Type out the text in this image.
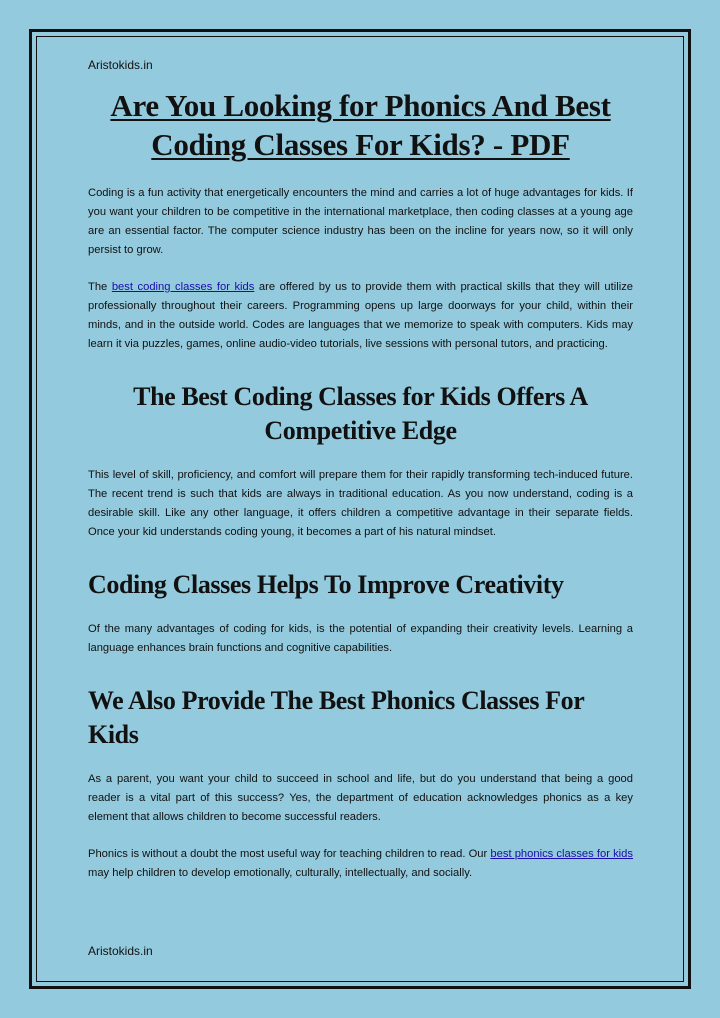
Aristokids.in
Are You Looking for Phonics And Best Coding Classes For Kids? - PDF

Coding is a fun activity that energetically encounters the mind and carries a lot of huge advantages for kids. If you want your children to be competitive in the international marketplace, then coding classes at a young age are an essential factor. The computer science industry has been on the incline for years now, so it will only persist to grow.

The best coding classes for kids are offered by us to provide them with practical skills that they will utilize professionally throughout their careers. Programming opens up large doorways for your child, within their minds, and in the outside world. Codes are languages that we memorize to speak with computers. Kids may learn it via puzzles, games, online audio-video tutorials, live sessions with personal tutors, and practicing.

The Best Coding Classes for Kids Offers A Competitive Edge

This level of skill, proficiency, and comfort will prepare them for their rapidly transforming tech-induced future. The recent trend is such that kids are always in traditional education. As you now understand, coding is a desirable skill. Like any other language, it offers children a competitive advantage in their separate fields. Once your kid understands coding young, it becomes a part of his natural mindset.

Coding Classes Helps To Improve Creativity

Of the many advantages of coding for kids, is the potential of expanding their creativity levels. Learning a language enhances brain functions and cognitive capabilities.

We Also Provide The Best Phonics Classes For Kids

As a parent, you want your child to succeed in school and life, but do you understand that being a good reader is a vital part of this success? Yes, the department of education acknowledges phonics as a key element that allows children to become successful readers.

Phonics is without a doubt the most useful way for teaching children to read. Our best phonics classes for kids may help children to develop emotionally, culturally, intellectually, and socially.

Aristokids.in
